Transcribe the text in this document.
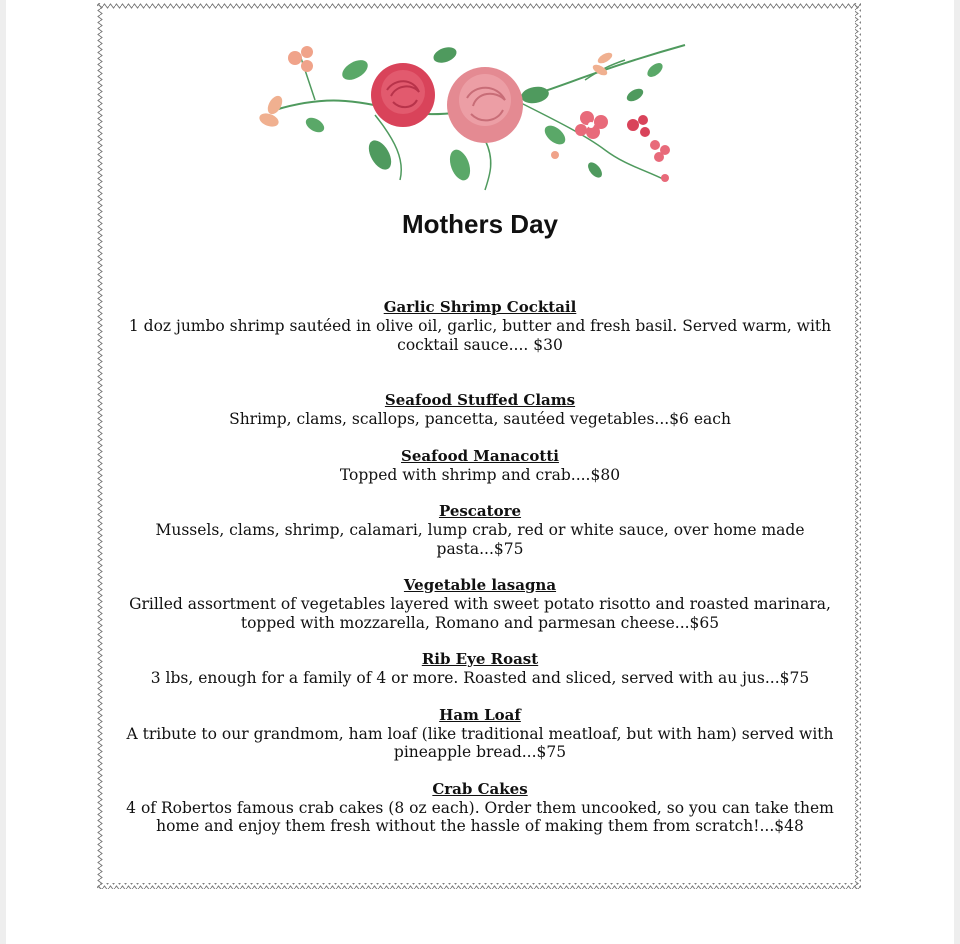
Mothers Day
Garlic Shrimp Cocktail
1 doz jumbo shrimp sautéed in olive oil, garlic, butter and fresh basil. Served warm, with cocktail sauce.... $30
Seafood Stuffed Clams
Shrimp, clams, scallops, pancetta, sautéed vegetables...$6 each
Seafood Manacotti
Topped with shrimp and crab....$80
Pescatore
Mussels, clams, shrimp, calamari, lump crab, red or white sauce, over home made pasta...$75
Vegetable lasagna
Grilled assortment of vegetables layered with sweet potato risotto and roasted marinara, topped with mozzarella, Romano and parmesan cheese...$65
Rib Eye Roast
3 lbs, enough for a family of 4 or more. Roasted and sliced, served with au jus...$75
Ham Loaf
A tribute to our grandmom, ham loaf (like traditional meatloaf, but with ham) served with pineapple bread...$75
Crab Cakes
4 of Robertos famous crab cakes (8 oz each). Order them uncooked, so you can take them home and enjoy them fresh without the hassle of making them from scratch!...$48
